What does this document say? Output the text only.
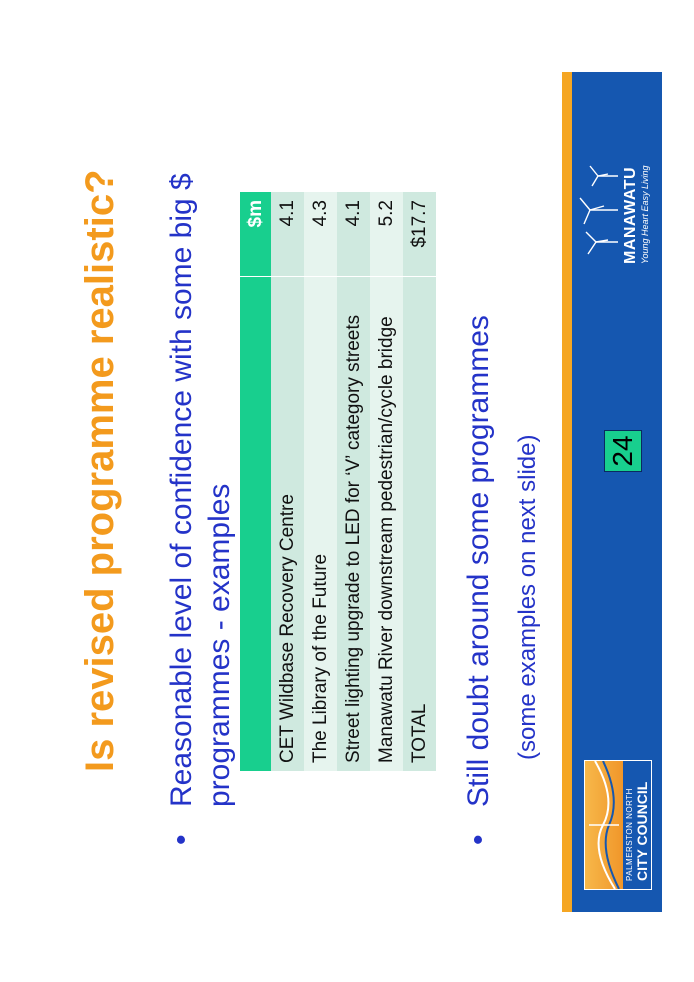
Is revised programme realistic?
•
Reasonable level of confidence with some big $ programmes - examples
	$m
CET Wildbase Recovery Centre	4.1
The Library of the Future	4.3
Street lighting upgrade to LED for ‘V’ category streets	4.1
Manawatu River downstream pedestrian/cycle bridge	5.2
TOTAL	$17.7
•
Still doubt around some programmes (some examples on next slide)
PALMERSTON NORTH CITY COUNCIL
24
MANAWATU Young Heart Easy Living
